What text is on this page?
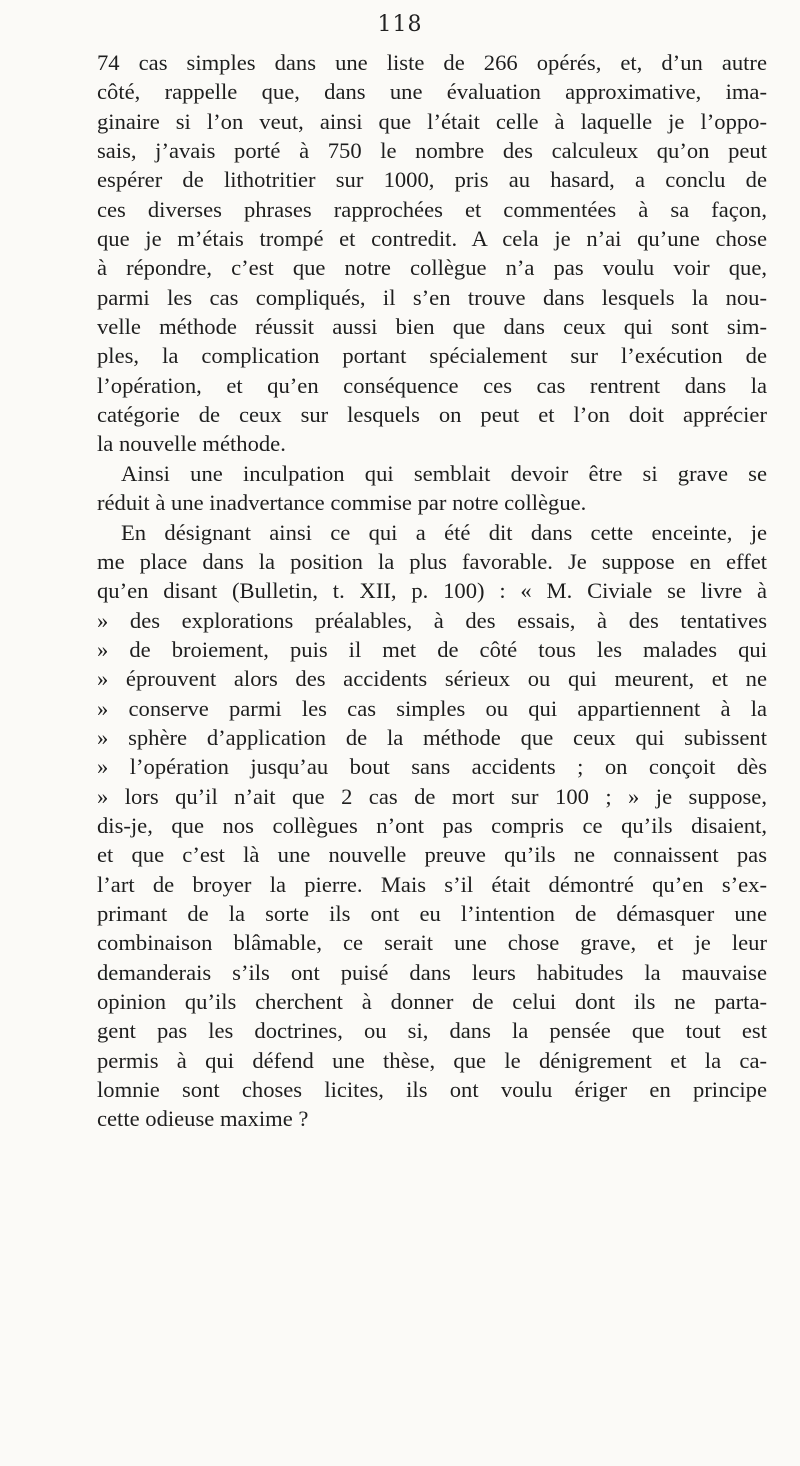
118
74 cas simples dans une liste de 266 opérés, et, d’un autre
côté, rappelle que, dans une évaluation approximative, ima-
ginaire si l’on veut, ainsi que l’était celle à laquelle je l’oppo-
sais, j’avais porté à 750 le nombre des calculeux qu’on peut
espérer de lithotritier sur 1000, pris au hasard, a conclu de
ces diverses phrases rapprochées et commentées à sa façon,
que je m’étais trompé et contredit. A cela je n’ai qu’une chose
à répondre, c’est que notre collègue n’a pas voulu voir que,
parmi les cas compliqués, il s’en trouve dans lesquels la nou-
velle méthode réussit aussi bien que dans ceux qui sont sim-
ples, la complication portant spécialement sur l’exécution de
l’opération, et qu’en conséquence ces cas rentrent dans la
catégorie de ceux sur lesquels on peut et l’on doit apprécier
la nouvelle méthode.
Ainsi une inculpation qui semblait devoir être si grave se
réduit à une inadvertance commise par notre collègue.
En désignant ainsi ce qui a été dit dans cette enceinte, je
me place dans la position la plus favorable. Je suppose en effet
qu’en disant (Bulletin, t. XII, p. 100) : « M. Civiale se livre à
» des explorations préalables, à des essais, à des tentatives
» de broiement, puis il met de côté tous les malades qui
» éprouvent alors des accidents sérieux ou qui meurent, et ne
» conserve parmi les cas simples ou qui appartiennent à la
» sphère d’application de la méthode que ceux qui subissent
» l’opération jusqu’au bout sans accidents ; on conçoit dès
» lors qu’il n’ait que 2 cas de mort sur 100 ; » je suppose,
dis-je, que nos collègues n’ont pas compris ce qu’ils disaient,
et que c’est là une nouvelle preuve qu’ils ne connaissent pas
l’art de broyer la pierre. Mais s’il était démontré qu’en s’ex-
primant de la sorte ils ont eu l’intention de démasquer une
combinaison blâmable, ce serait une chose grave, et je leur
demanderais s’ils ont puisé dans leurs habitudes la mauvaise
opinion qu’ils cherchent à donner de celui dont ils ne parta-
gent pas les doctrines, ou si, dans la pensée que tout est
permis à qui défend une thèse, que le dénigrement et la ca-
lomnie sont choses licites, ils ont voulu ériger en principe
cette odieuse maxime ?
